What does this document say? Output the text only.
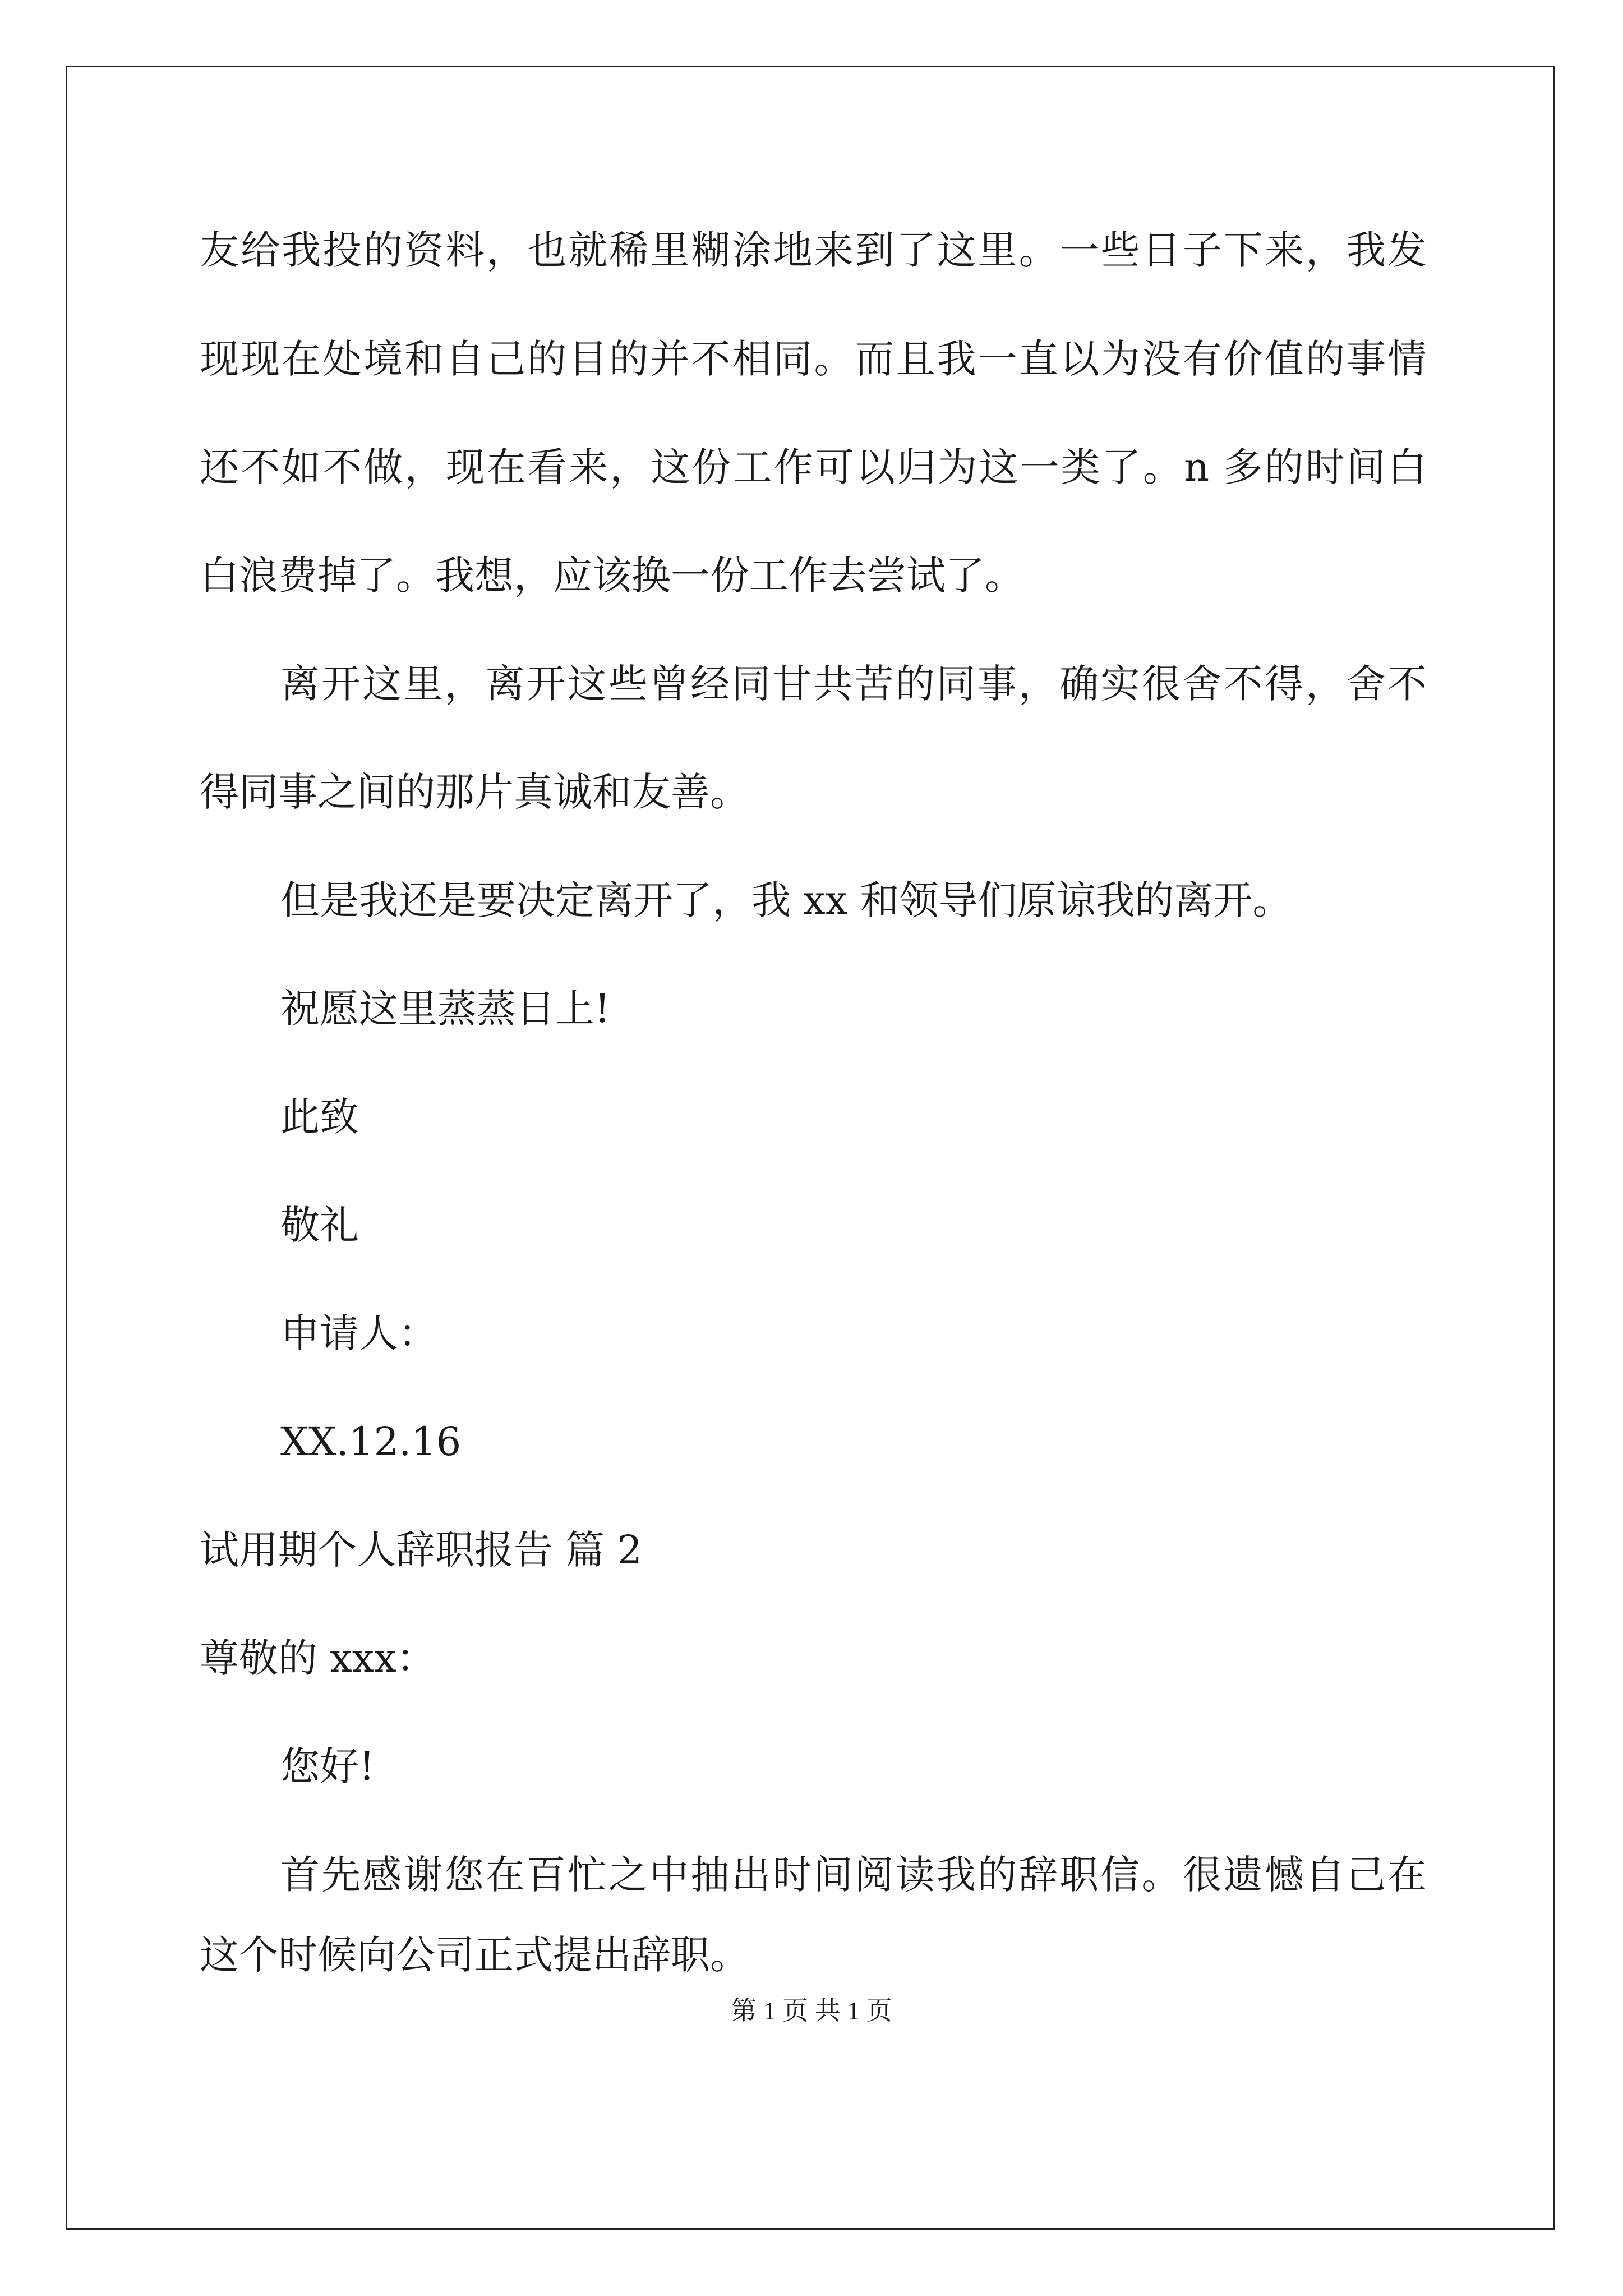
友给我投的资料，也就稀里糊涂地来到了这里。一些日子下来，我发
现现在处境和自己的目的并不相同。而且我一直以为没有价值的事情
还不如不做，现在看来，这份工作可以归为这一类了。n 多的时间白
白浪费掉了。我想，应该换一份工作去尝试了。
离开这里，离开这些曾经同甘共苦的同事，确实很舍不得，舍不
得同事之间的那片真诚和友善。
但是我还是要决定离开了，我 xx 和领导们原谅我的离开。
祝愿这里蒸蒸日上!
此致
敬礼
申请人：
XX.12.16
试用期个人辞职报告 篇 2
尊敬的 xxx：
您好!
首先感谢您在百忙之中抽出时间阅读我的辞职信。很遗憾自己在
这个时候向公司正式提出辞职。
第 1 页 共 1 页
